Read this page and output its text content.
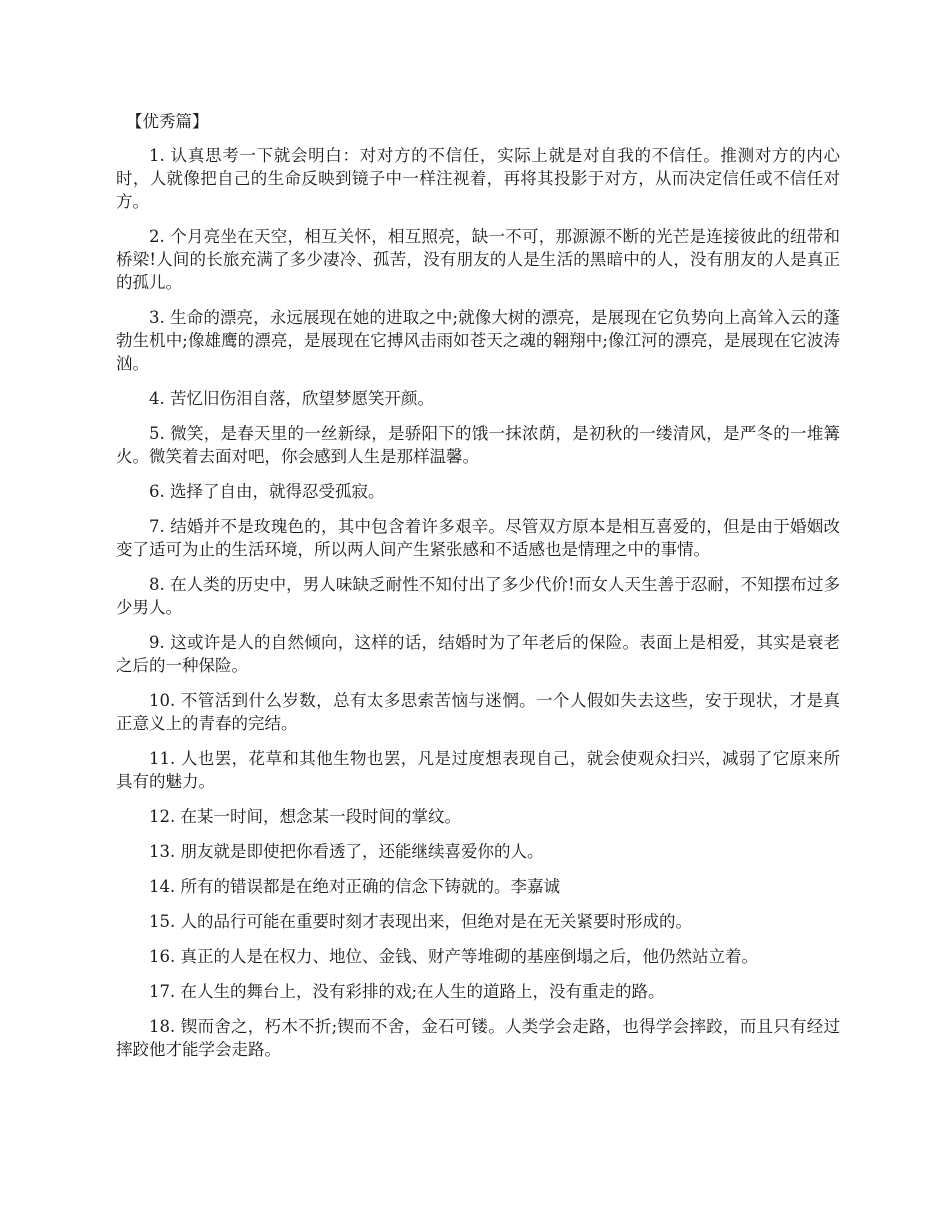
【优秀篇】

1. 认真思考一下就会明白：对对方的不信任，实际上就是对自我的不信任。推测对方的内心时，人就像把自己的生命反映到镜子中一样注视着，再将其投影于对方，从而决定信任或不信任对方。

2. 个月亮坐在天空，相互关怀，相互照亮，缺一不可，那源源不断的光芒是连接彼此的纽带和桥梁!人间的长旅充满了多少凄冷、孤苦，没有朋友的人是生活的黑暗中的人，没有朋友的人是真正的孤儿。

3. 生命的漂亮，永远展现在她的进取之中;就像大树的漂亮，是展现在它负势向上高耸入云的蓬勃生机中;像雄鹰的漂亮，是展现在它搏风击雨如苍天之魂的翱翔中;像江河的漂亮，是展现在它波涛汹。

4. 苦忆旧伤泪自落，欣望梦愿笑开颜。

5. 微笑，是春天里的一丝新绿，是骄阳下的饿一抹浓荫，是初秋的一缕清风，是严冬的一堆篝火。微笑着去面对吧，你会感到人生是那样温馨。

6. 选择了自由，就得忍受孤寂。

7. 结婚并不是玫瑰色的，其中包含着许多艰辛。尽管双方原本是相互喜爱的，但是由于婚姻改变了适可为止的生活环境，所以两人间产生紧张感和不适感也是情理之中的事情。

8. 在人类的历史中，男人味缺乏耐性不知付出了多少代价!而女人天生善于忍耐，不知摆布过多少男人。

9. 这或许是人的自然倾向，这样的话，结婚时为了年老后的保险。表面上是相爱，其实是衰老之后的一种保险。

10. 不管活到什么岁数，总有太多思索苦恼与迷惘。一个人假如失去这些，安于现状，才是真正意义上的青春的完结。

11. 人也罢，花草和其他生物也罢，凡是过度想表现自己，就会使观众扫兴，减弱了它原来所具有的魅力。

12. 在某一时间，想念某一段时间的掌纹。

13. 朋友就是即使把你看透了，还能继续喜爱你的人。

14. 所有的错误都是在绝对正确的信念下铸就的。李嘉诚

15. 人的品行可能在重要时刻才表现出来，但绝对是在无关紧要时形成的。

16. 真正的人是在权力、地位、金钱、财产等堆砌的基座倒塌之后，他仍然站立着。

17. 在人生的舞台上，没有彩排的戏;在人生的道路上，没有重走的路。

18. 锲而舍之，朽木不折;锲而不舍，金石可镂。人类学会走路，也得学会摔跤，而且只有经过摔跤他才能学会走路。
